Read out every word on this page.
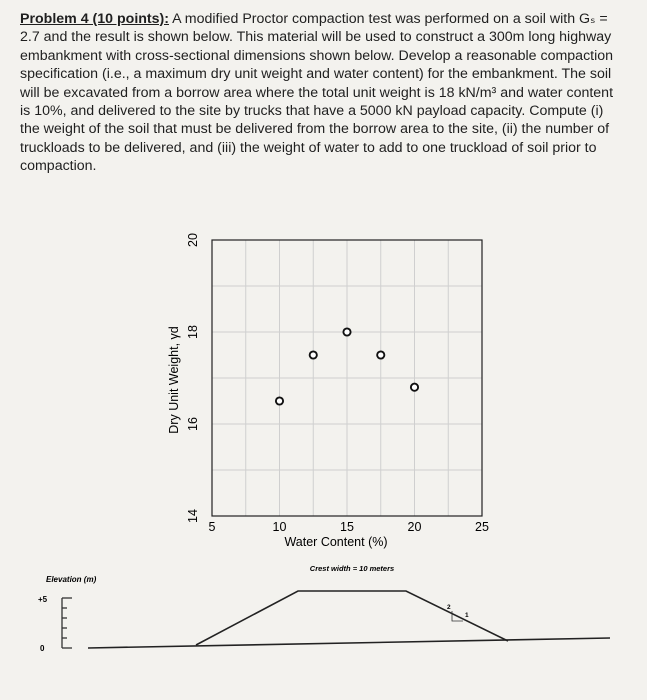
Problem 4 (10 points): A modified Proctor compaction test was performed on a soil with Gₛ = 2.7 and the result is shown below. This material will be used to construct a 300m long highway embankment with cross-sectional dimensions shown below. Develop a reasonable compaction specification (i.e., a maximum dry unit weight and water content) for the embankment. The soil will be excavated from a borrow area where the total unit weight is 18 kN/m³ and water content is 10%, and delivered to the site by trucks that have a 5000 kN payload capacity. Compute (i) the weight of the soil that must be delivered from the borrow area to the site, (ii) the number of truckloads to be delivered, and (iii) the weight of water to add to one truckload of soil prior to compaction.
14
16
18
20
5	10	15	20	25
Water Content (%)
Dry Unit Weight, γd
Elevation (m)
+5
0
Crest width = 10 meters
2
1
